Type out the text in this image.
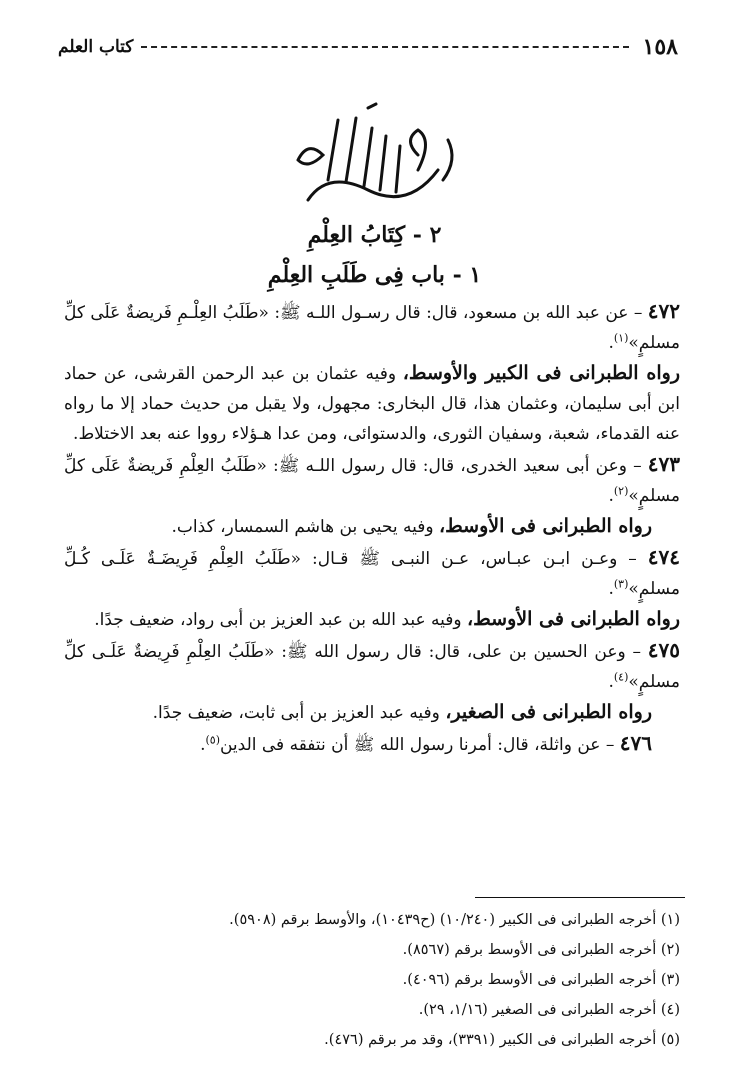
١٥٨
كتاب العلم
٢ - كِتَابُ العِلْمِ
١ - باب فِى طَلَبِ العِلْمِ

٤٧٢ – عن عبد الله بن مسعود، قال: قال رسـول اللـه ﷺ: «طَلَبُ العِلْـمِ فَريضةٌ عَلَى كلِّ مسلمٍ»$^{(١)}$.

رواه الطبرانى فى الكبير والأوسط، وفيه عثمان بن عبد الرحمن القرشى، عن حماد ابن أبى سليمان، وعثمان هذا، قال البخارى: مجهول، ولا يقبل من حديث حماد إلا ما رواه عنه القدماء، شعبة، وسفيان الثورى، والدستوائى، ومن عدا هـؤلاء رووا عنه بعد الاختلاط.

٤٧٣ – وعن أبى سعيد الخدرى، قال: قال رسول اللـه ﷺ: «طَلَبُ العِلْمِ فَريضةٌ عَلَى كلِّ مسلمٍ»$^{(٢)}$.

رواه الطبرانى فى الأوسط، وفيه يحيى بن هاشم السمسار، كذاب.

٤٧٤ – وعـن ابـن عبـاس، عـن النبـى ﷺ قـال: «طَلَبُ العِلْمِ فَرِيضَـةٌ عَلَـى كُـلِّ مسلمٍ»$^{(٣)}$.

رواه الطبرانى فى الأوسط، وفيه عبد الله بن عبد العزيز بن أبى رواد، ضعيف جدًا.

٤٧٥ – وعن الحسين بن على، قال: قال رسول الله ﷺ: «طَلَبُ العِلْمِ فَرِيضةٌ عَلَـى كلِّ مسلمٍ»$^{(٤)}$.

رواه الطبرانى فى الصغير، وفيه عبد العزيز بن أبى ثابت، ضعيف جدًا.

٤٧٦ – عن واثلة، قال: أمرنا رسول الله ﷺ أن نتفقه فى الدين$^{(٥)}$.

(١) أخرجه الطبرانى فى الكبير (١٠/٢٤٠) (ح١٠٤٣٩)، والأوسط برقم (٥٩٠٨).
(٢) أخرجه الطبرانى فى الأوسط برقم (٨٥٦٧).
(٣) أخرجه الطبرانى فى الأوسط برقم (٤٠٩٦).
(٤) أخرجه الطبرانى فى الصغير (١/١٦، ٢٩).
(٥) أخرجه الطبرانى فى الكبير (٣٣٩١)، وقد مر برقم (٤٧٦).
